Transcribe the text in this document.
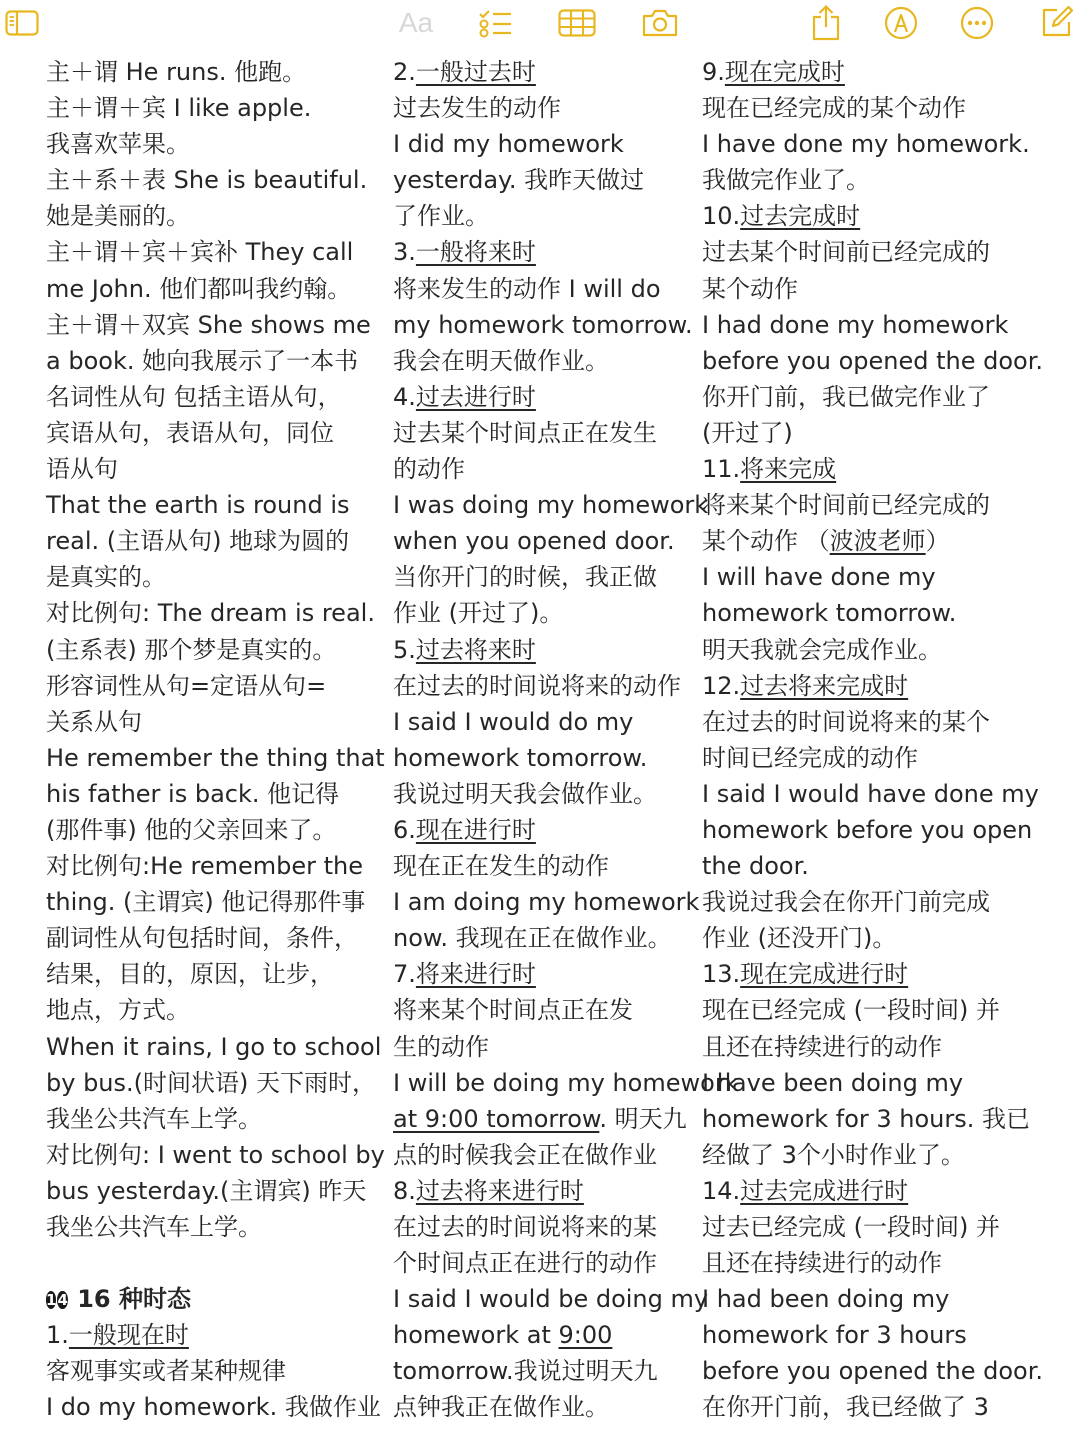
Aa
主＋谓 He runs. 他跑。
主＋谓＋宾 I like apple.
我喜欢苹果。
主＋系＋表 She is beautiful.
她是美丽的。
主＋谓＋宾＋宾补 They call
me John. 他们都叫我约翰。
主＋谓＋双宾 She shows me
a book. 她向我展示了一本书
名词性从句 包括主语从句，
宾语从句，表语从句，同位
语从句
That the earth is round is
real. (主语从句) 地球为圆的
是真实的。
对比例句: The dream is real.
(主系表) 那个梦是真实的。
形容词性从句=定语从句=
关系从句
He remember the thing that
his father is back. 他记得
(那件事) 他的父亲回来了。
对比例句:He remember the
thing. (主谓宾) 他记得那件事
副词性从句包括时间，条件，
结果，目的，原因，让步，
地点，方式。
When it rains, I go to school
by bus.(时间状语) 天下雨时，
我坐公共汽车上学。
对比例句: I went to school by
bus yesterday.(主谓宾) 昨天
我坐公共汽车上学。
14 16 种时态
1.一般现在时
客观事实或者某种规律
I do my homework. 我做作业
2.一般过去时
过去发生的动作
I did my homework
yesterday. 我昨天做过
了作业。
3.一般将来时
将来发生的动作 I will do
my homework tomorrow.
我会在明天做作业。
4.过去进行时
过去某个时间点正在发生
的动作
I was doing my homework
when you opened door.
当你开门的时候，我正做
作业 (开过了)。
5.过去将来时
在过去的时间说将来的动作
I said I would do my
homework tomorrow.
我说过明天我会做作业。
6.现在进行时
现在正在发生的动作
I am doing my homework
now. 我现在正在做作业。
7.将来进行时
将来某个时间点正在发
生的动作
I will be doing my homework
at 9:00 tomorrow. 明天九
点的时候我会正在做作业
8.过去将来进行时
在过去的时间说将来的某
个时间点正在进行的动作
I said I would be doing my
homework at 9:00
tomorrow.我说过明天九
点钟我正在做作业。
9.现在完成时
现在已经完成的某个动作
I have done my homework.
我做完作业了。
10.过去完成时
过去某个时间前已经完成的
某个动作
I had done my homework
before you opened the door.
你开门前，我已做完作业了
(开过了)
11.将来完成
将来某个时间前已经完成的
某个动作 （波波老师）
I will have done my
homework tomorrow.
明天我就会完成作业。
12.过去将来完成时
在过去的时间说将来的某个
时间已经完成的动作
I said I would have done my
homework before you open
the door.
我说过我会在你开门前完成
作业 (还没开门)。
13.现在完成进行时
现在已经完成 (一段时间) 并
且还在持续进行的动作
I have been doing my
homework for 3 hours. 我已
经做了 3个小时作业了。
14.过去完成进行时
过去已经完成 (一段时间) 并
且还在持续进行的动作
I had been doing my
homework for 3 hours
before you opened the door.
在你开门前，我已经做了 3
